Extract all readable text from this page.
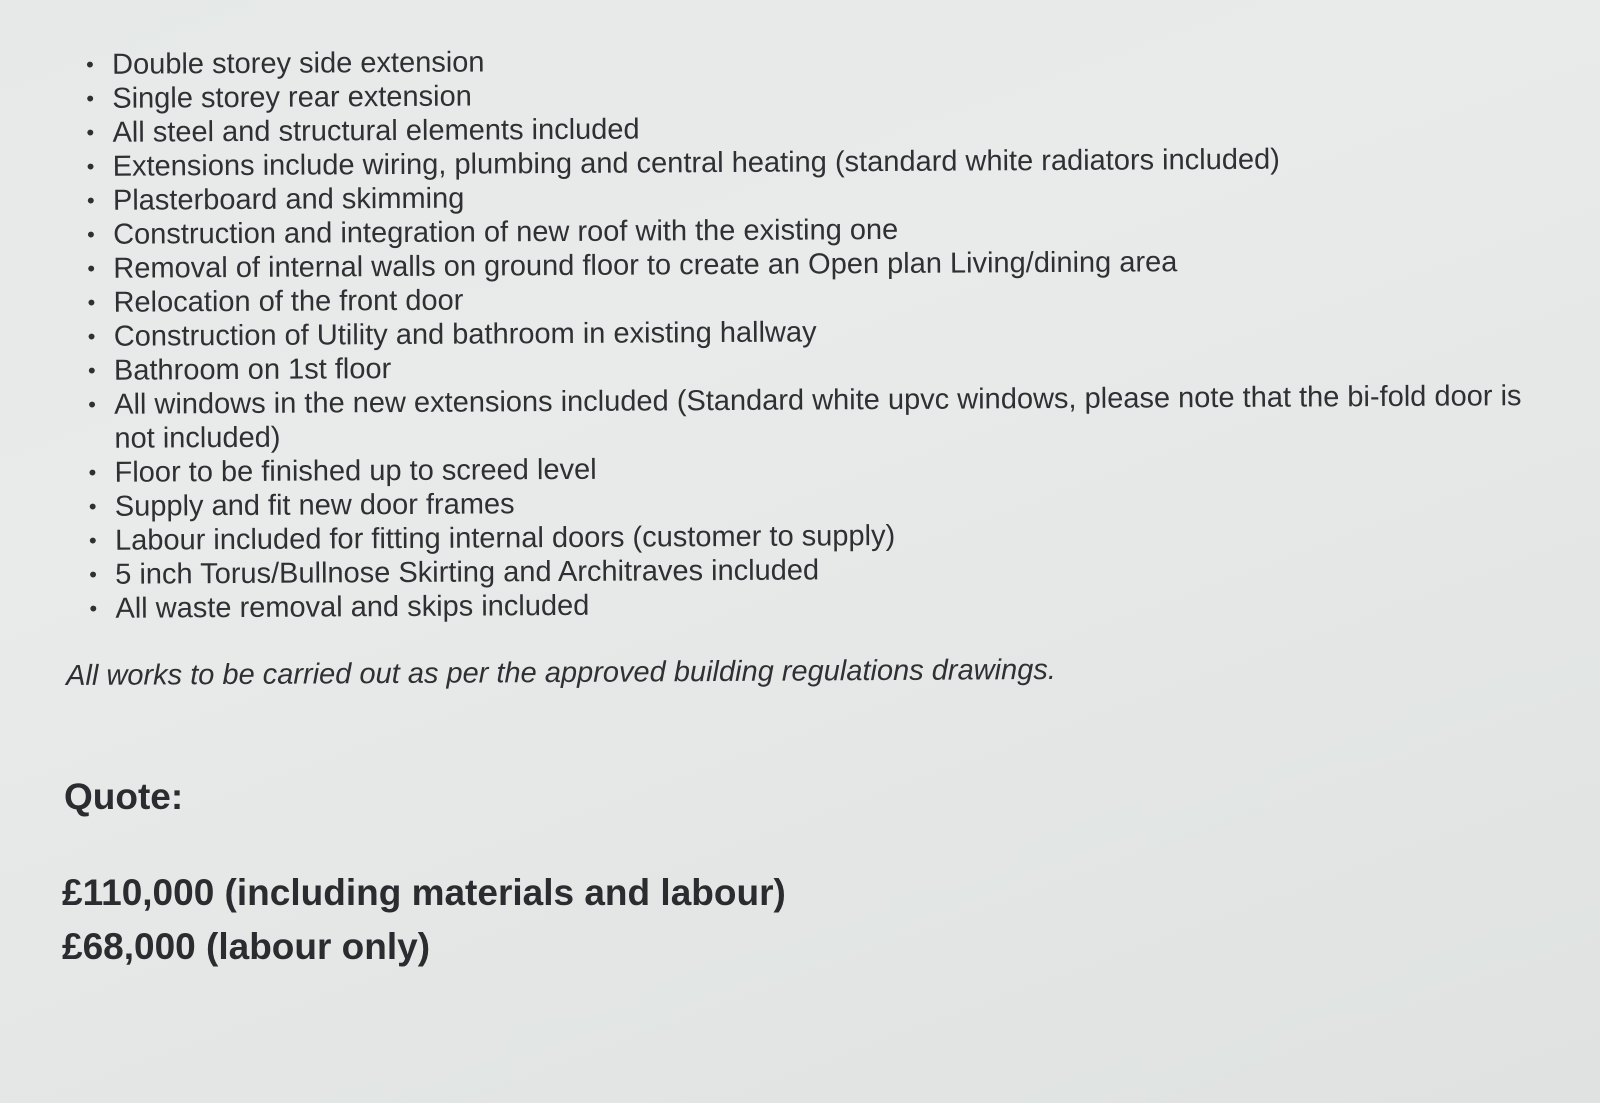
• Double storey side extension
• Single storey rear extension
• All steel and structural elements included
• Extensions include wiring, plumbing and central heating (standard white radiators included)
• Plasterboard and skimming
• Construction and integration of new roof with the existing one
• Removal of internal walls on ground floor to create an Open plan Living/dining area
• Relocation of the front door
• Construction of Utility and bathroom in existing hallway
• Bathroom on 1st floor
• All windows in the new extensions included (Standard white upvc windows, please note that the bi-fold door is not included)
• Floor to be finished up to screed level
• Supply and fit new door frames
• Labour included for fitting internal doors (customer to supply)
• 5 inch Torus/Bullnose Skirting and Architraves included
• All waste removal and skips included

All works to be carried out as per the approved building regulations drawings.

Quote:

£110,000 (including materials and labour)

£68,000 (labour only)
